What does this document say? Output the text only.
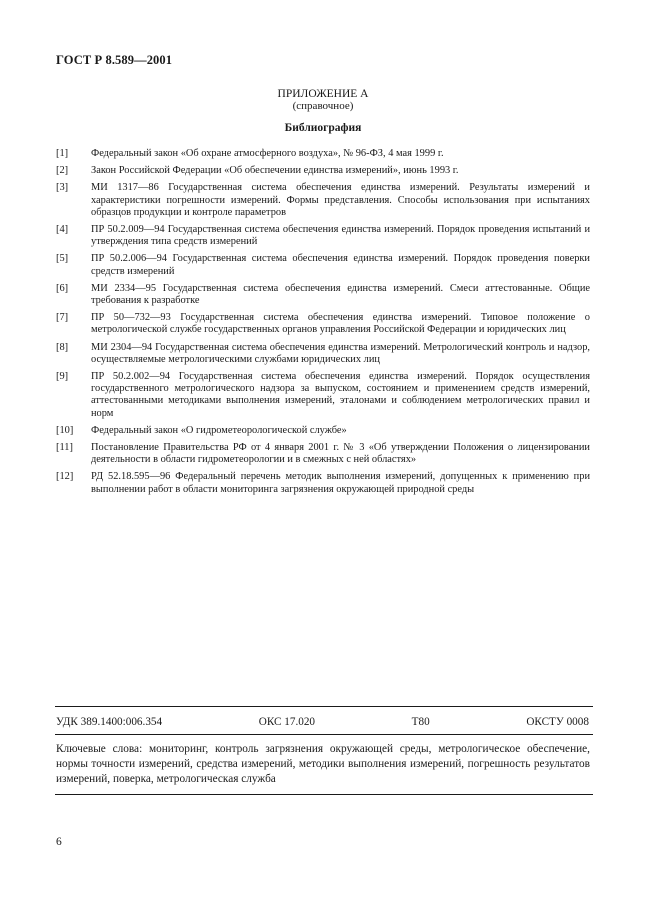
ГОСТ Р 8.589—2001
ПРИЛОЖЕНИЕ А
(справочное)
Библиография
[1]	Федеральный закон «Об охране атмосферного воздуха», № 96-ФЗ, 4 мая 1999 г.
[2]	Закон Российской Федерации «Об обеспечении единства измерений», июнь 1993 г.
[3]	МИ 1317—86 Государственная система обеспечения единства измерений. Результаты измерений и характеристики погрешности измерений. Формы представления. Способы использования при испытаниях образцов продукции и контроле параметров
[4]	ПР 50.2.009—94 Государственная система обеспечения единства измерений. Порядок проведения испытаний и утверждения типа средств измерений
[5]	ПР 50.2.006—94 Государственная система обеспечения единства измерений. Порядок проведения поверки средств измерений
[6]	МИ 2334—95 Государственная система обеспечения единства измерений. Смеси аттестованные. Общие требования к разработке
[7]	ПР 50—732—93 Государственная система обеспечения единства измерений. Типовое положение о метрологической службе государственных органов управления Российской Федерации и юридических лиц
[8]	МИ 2304—94 Государственная система обеспечения единства измерений. Метрологический контроль и надзор, осуществляемые метрологическими службами юридических лиц
[9]	ПР 50.2.002—94 Государственная система обеспечения единства измерений. Порядок осуществления государственного метрологического надзора за выпуском, состоянием и применением средств измерений, аттестованными методиками выполнения измерений, эталонами и соблюдением метрологических правил и норм
[10]	Федеральный закон «О гидрометеорологической службе»
[11]	Постановление Правительства РФ от 4 января 2001 г. № 3 «Об утверждении Положения о лицензировании деятельности в области гидрометеорологии и в смежных с ней областях»
[12]	РД 52.18.595—96 Федеральный перечень методик выполнения измерений, допущенных к применению при выполнении работ в области мониторинга загрязнения окружающей природной среды
УДК 389.1400:006.354	ОКС 17.020	Т80	ОКСТУ 0008
Ключевые слова: мониторинг, контроль загрязнения окружающей среды, метрологическое обеспечение, нормы точности измерений, средства измерений, методики выполнения измерений, погрешность результатов измерений, поверка, метрологическая служба
6
